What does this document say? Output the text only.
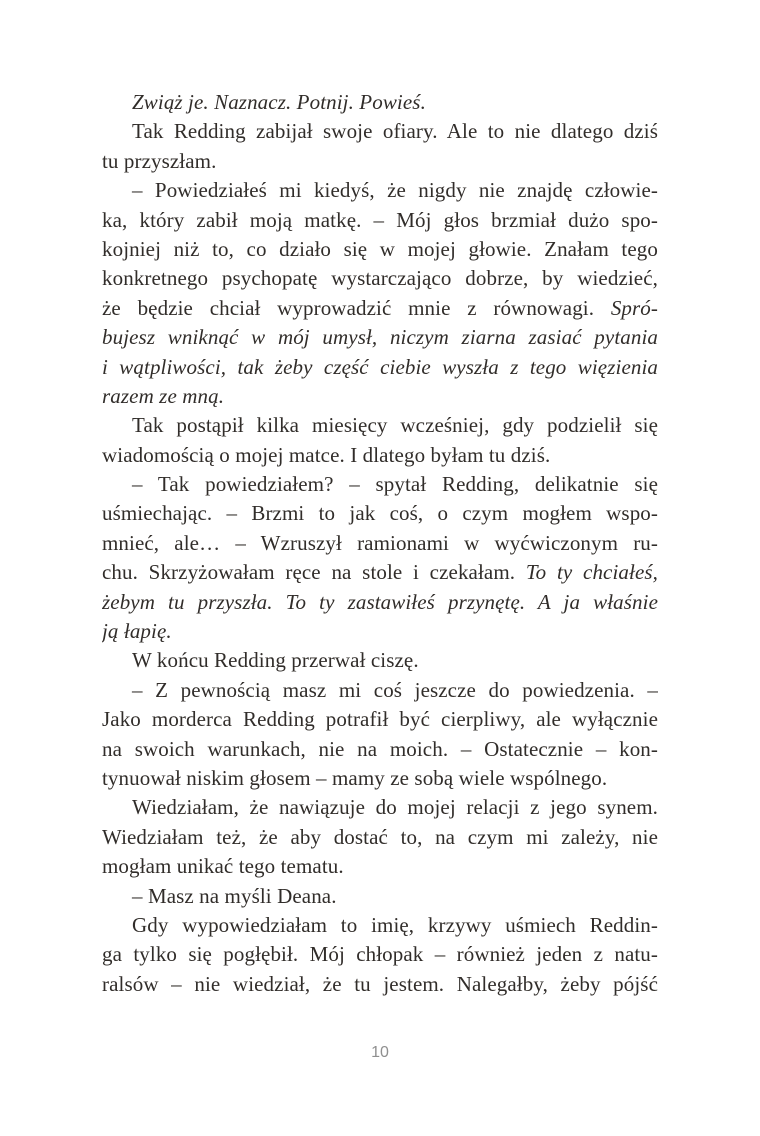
Zwiąż je. Naznacz. Potnij. Powieś.
Tak Redding zabijał swoje ofiary. Ale to nie dlatego dziś
tu przyszłam.
– Powiedziałeś mi kiedyś, że nigdy nie znajdę człowie-
ka, który zabił moją matkę. – Mój głos brzmiał dużo spo-
kojniej niż to, co działo się w mojej głowie. Znałam tego
konkretnego psychopatę wystarczająco dobrze, by wiedzieć,
że będzie chciał wyprowadzić mnie z równowagi. Spró-
bujesz wniknąć w mój umysł, niczym ziarna zasiać pytania
i wątpliwości, tak żeby część ciebie wyszła z tego więzienia
razem ze mną.
Tak postąpił kilka miesięcy wcześniej, gdy podzielił się
wiadomością o mojej matce. I dlatego byłam tu dziś.
– Tak powiedziałem? – spytał Redding, delikatnie się
uśmiechając. – Brzmi to jak coś, o czym mogłem wspo-
mnieć, ale… – Wzruszył ramionami w wyćwiczonym ru-
chu. Skrzyżowałam ręce na stole i czekałam. To ty chciałeś,
żebym tu przyszła. To ty zastawiłeś przynętę. A ja właśnie
ją łapię.
W końcu Redding przerwał ciszę.
– Z pewnością masz mi coś jeszcze do powiedzenia. –
Jako morderca Redding potrafił być cierpliwy, ale wyłącznie
na swoich warunkach, nie na moich. – Ostatecznie – kon-
tynuował niskim głosem – mamy ze sobą wiele wspólnego.
Wiedziałam, że nawiązuje do mojej relacji z jego synem.
Wiedziałam też, że aby dostać to, na czym mi zależy, nie
mogłam unikać tego tematu.
– Masz na myśli Deana.
Gdy wypowiedziałam to imię, krzywy uśmiech Reddin-
ga tylko się pogłębił. Mój chłopak – również jeden z natu-
ralsów – nie wiedział, że tu jestem. Nalegałby, żeby pójść
10
